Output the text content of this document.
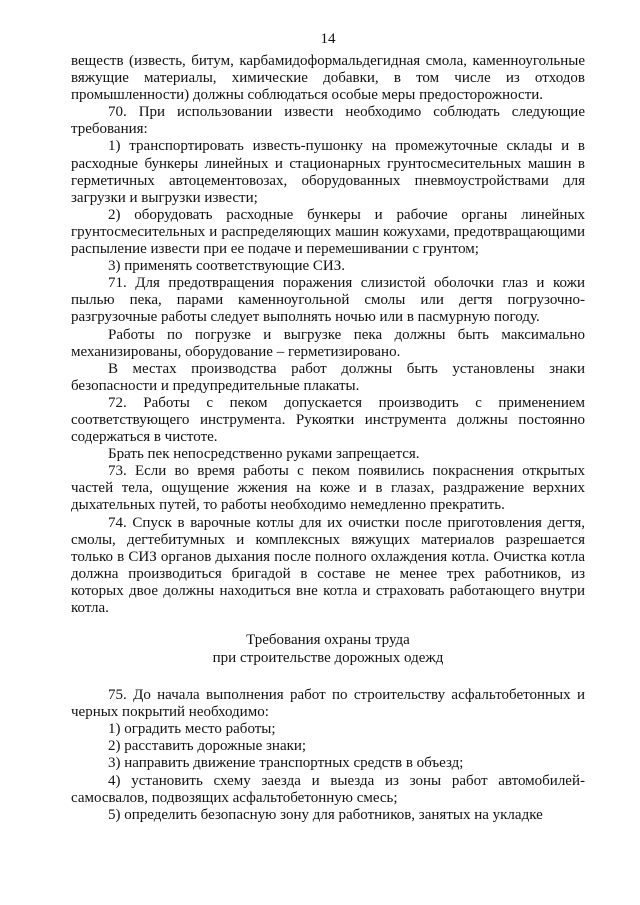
14

веществ (известь, битум, карбамидоформальдегидная смола, каменноугольные вяжущие материалы, химические добавки, в том числе из отходов промышленности) должны соблюдаться особые меры предосторожности.

70. При использовании извести необходимо соблюдать следующие требования:

1) транспортировать известь-пушонку на промежуточные склады и в расходные бункеры линейных и стационарных грунтосмесительных машин в герметичных автоцементовозах, оборудованных пневмоустройствами для загрузки и выгрузки извести;

2) оборудовать расходные бункеры и рабочие органы линейных грунтосмесительных и распределяющих машин кожухами, предотвращающими распыление извести при ее подаче и перемешивании с грунтом;

3) применять соответствующие СИЗ.

71. Для предотвращения поражения слизистой оболочки глаз и кожи пылью пека, парами каменноугольной смолы или дегтя погрузочно-разгрузочные работы следует выполнять ночью или в пасмурную погоду.

Работы по погрузке и выгрузке пека должны быть максимально механизированы, оборудование – герметизировано.

В местах производства работ должны быть установлены знаки безопасности и предупредительные плакаты.

72. Работы с пеком допускается производить с применением соответствующего инструмента. Рукоятки инструмента должны постоянно содержаться в чистоте.

Брать пек непосредственно руками запрещается.

73. Если во время работы с пеком появились покраснения открытых частей тела, ощущение жжения на коже и в глазах, раздражение верхних дыхательных путей, то работы необходимо немедленно прекратить.

74. Спуск в варочные котлы для их очистки после приготовления дегтя, смолы, дегтебитумных и комплексных вяжущих материалов разрешается только в СИЗ органов дыхания после полного охлаждения котла. Очистка котла должна производиться бригадой в составе не менее трех работников, из которых двое должны находиться вне котла и страховать работающего внутри котла.

Требования охраны труда
при строительстве дорожных одежд

75. До начала выполнения работ по строительству асфальтобетонных и черных покрытий необходимо:

1) оградить место работы;

2) расставить дорожные знаки;

3) направить движение транспортных средств в объезд;

4) установить схему заезда и выезда из зоны работ автомобилей-самосвалов, подвозящих асфальтобетонную смесь;

5) определить безопасную зону для работников, занятых на укладке
